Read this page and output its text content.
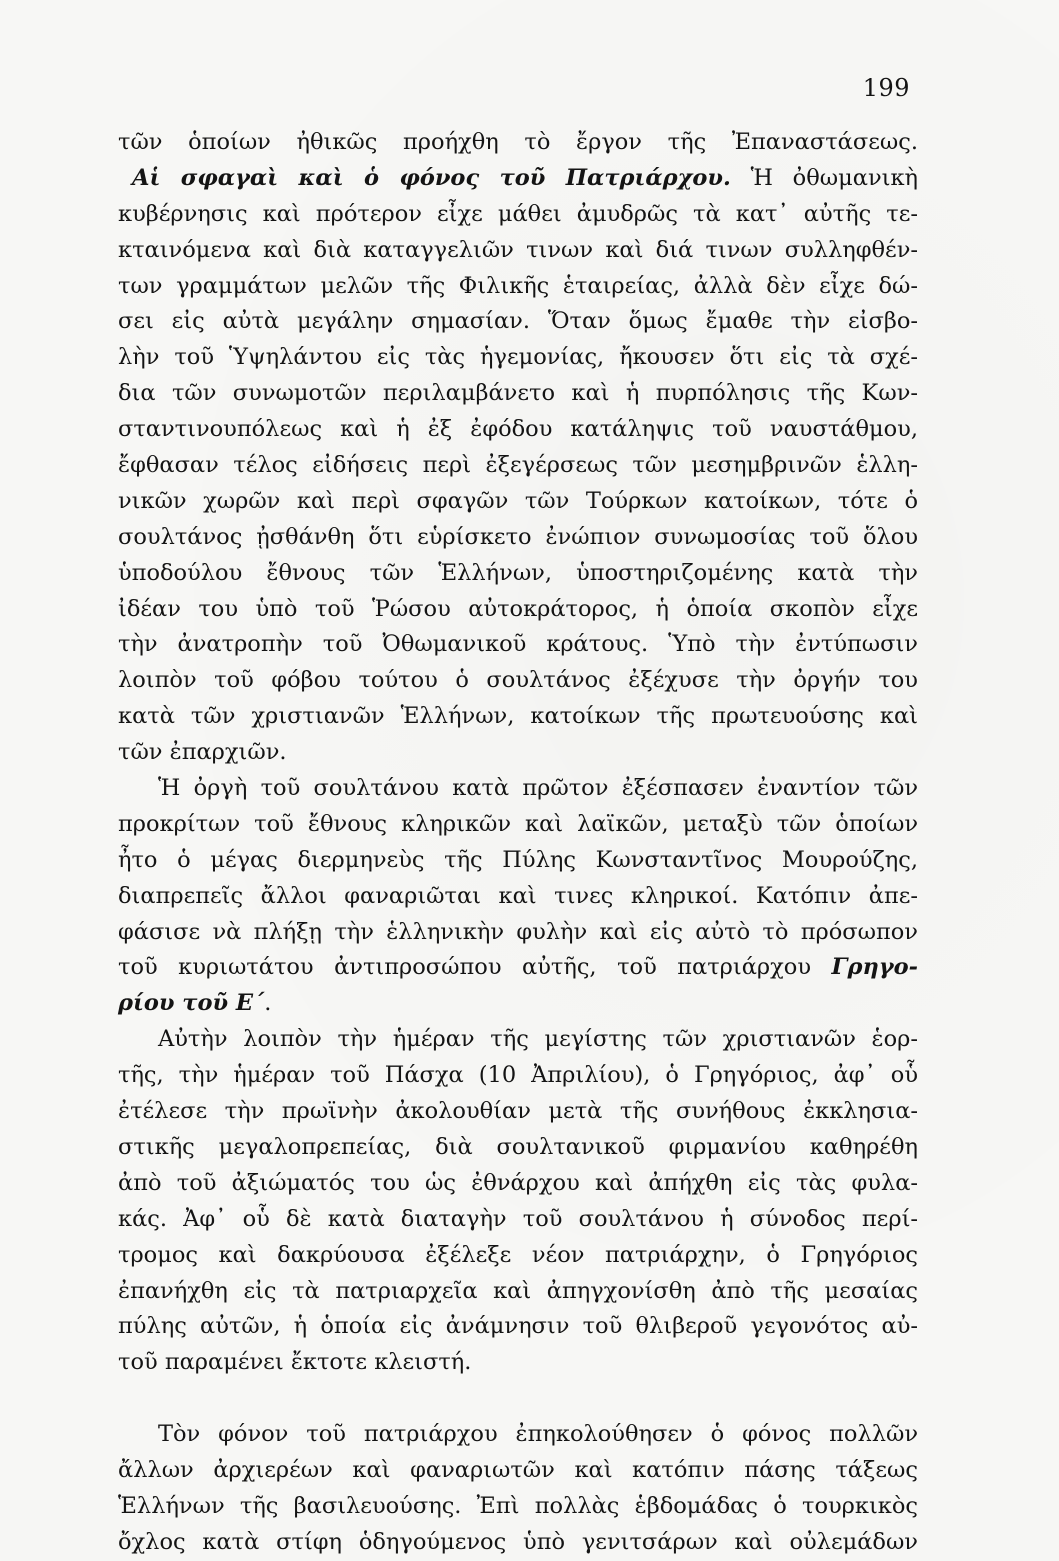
199
τῶν ὁποίων ἠθικῶς προήχθη τὸ ἔργον τῆς Ἐπαναστάσεως.
Αἱ σφαγαὶ καὶ ὁ φόνος τοῦ Πατριάρχου. Ἡ ὀθωμανικὴ
κυβέρνησις καὶ πρότερον εἶχε μάθει ἀμυδρῶς τὰ κατ᾽ αὐτῆς τε-
κταινόμενα καὶ διὰ καταγγελιῶν τινων καὶ διά τινων συλληφθέν-
των γραμμάτων μελῶν τῆς Φιλικῆς ἑταιρείας, ἀλλὰ δὲν εἶχε δώ-
σει εἰς αὐτὰ μεγάλην σημασίαν. Ὅταν ὅμως ἔμαθε τὴν εἰσβο-
λὴν τοῦ Ὑψηλάντου εἰς τὰς ἡγεμονίας, ἤκουσεν ὅτι εἰς τὰ σχέ-
δια τῶν συνωμοτῶν περιλαμβάνετο καὶ ἡ πυρπόλησις τῆς Κων-
σταντινουπόλεως καὶ ἡ ἐξ ἐφόδου κατάληψις τοῦ ναυστάθμου,
ἔφθασαν τέλος εἰδήσεις περὶ ἐξεγέρσεως τῶν μεσημβρινῶν ἑλλη-
νικῶν χωρῶν καὶ περὶ σφαγῶν τῶν Τούρκων κατοίκων, τότε ὁ
σουλτάνος ᾐσθάνθη ὅτι εὑρίσκετο ἐνώπιον συνωμοσίας τοῦ ὅλου
ὑποδούλου ἔθνους τῶν Ἑλλήνων, ὑποστηριζομένης κατὰ τὴν
ἰδέαν του ὑπὸ τοῦ Ῥώσου αὐτοκράτορος, ἡ ὁποία σκοπὸν εἶχε
τὴν ἀνατροπὴν τοῦ Ὀθωμανικοῦ κράτους. Ὑπὸ τὴν ἐντύπωσιν
λοιπὸν τοῦ φόβου τούτου ὁ σουλτάνος ἐξέχυσε τὴν ὀργήν του
κατὰ τῶν χριστιανῶν Ἑλλήνων, κατοίκων τῆς πρωτευούσης καὶ
τῶν ἐπαρχιῶν.
Ἡ ὀργὴ τοῦ σουλτάνου κατὰ πρῶτον ἐξέσπασεν ἐναντίον τῶν
προκρίτων τοῦ ἔθνους κληρικῶν καὶ λαϊκῶν, μεταξὺ τῶν ὁποίων
ἦτο ὁ μέγας διερμηνεὺς τῆς Πύλης Κωνσταντῖνος Μουρούζης,
διαπρεπεῖς ἄλλοι φαναριῶται καὶ τινες κληρικοί. Κατόπιν ἀπε-
φάσισε νὰ πλήξῃ τὴν ἑλληνικὴν φυλὴν καὶ εἰς αὐτὸ τὸ πρόσωπον
τοῦ κυριωτάτου ἀντιπροσώπου αὐτῆς, τοῦ πατριάρχου Γρηγο-
ρίου τοῦ Ε΄.
Αὐτὴν λοιπὸν τὴν ἡμέραν τῆς μεγίστης τῶν χριστιανῶν ἑορ-
τῆς, τὴν ἡμέραν τοῦ Πάσχα (10 Ἀπριλίου), ὁ Γρηγόριος, ἀφ᾽ οὗ
ἐτέλεσε τὴν πρωϊνὴν ἀκολουθίαν μετὰ τῆς συνήθους ἐκκλησια-
στικῆς μεγαλοπρεπείας, διὰ σουλτανικοῦ φιρμανίου καθηρέθη
ἀπὸ τοῦ ἀξιώματός του ὡς ἐθνάρχου καὶ ἀπήχθη εἰς τὰς φυλα-
κάς. Ἀφ᾽ οὗ δὲ κατὰ διαταγὴν τοῦ σουλτάνου ἡ σύνοδος περί-
τρομος καὶ δακρύουσα ἐξέλεξε νέον πατριάρχην, ὁ Γρηγόριος
ἐπανήχθη εἰς τὰ πατριαρχεῖα καὶ ἀπηγχονίσθη ἀπὸ τῆς μεσαίας
πύλης αὐτῶν, ἡ ὁποία εἰς ἀνάμνησιν τοῦ θλιβεροῦ γεγονότος αὐ-
τοῦ παραμένει ἔκτοτε κλειστή.
Τὸν φόνον τοῦ πατριάρχου ἐπηκολούθησεν ὁ φόνος πολλῶν
ἄλλων ἀρχιερέων καὶ φαναριωτῶν καὶ κατόπιν πάσης τάξεως
Ἑλλήνων τῆς βασιλευούσης. Ἐπὶ πολλὰς ἑβδομάδας ὁ τουρκικὸς
ὄχλος κατὰ στίφη ὁδηγούμενος ὑπὸ γενιτσάρων καὶ οὐλεμάδων
